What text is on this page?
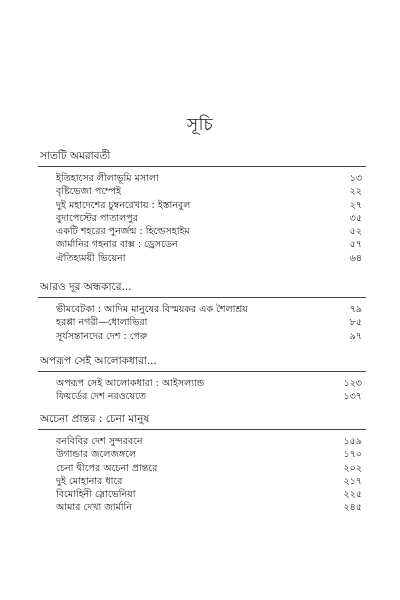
সূচি
সাতটি অমরাবতী
ইতিহাসের লীলাভূমি মসালা	১৩
বৃষ্টিভেজা পম্পেই	২২
দুই মহাদেশের চুম্বনরেখায় : ইস্তানবুল	২৭
বুদাপেস্টের পাতালপুর	৩৫
একটি শহরের পুনর্জন্ম : হিল্ডেসহাইম	৫২
জার্মানির গহনার বাক্স : ড্রেসডেন	৫৭
ঐতিহ্যময়ী ভিয়েনা	৬৪
আরও দূর অন্ধকারে...
ভীমবেটকা : আদিম মানুষের বিস্ময়কর এক শৈলাশ্রয়	৭৯
হরপ্পা নগরী—ধোলাভিরা	৮৫
সূর্যসন্তানদের দেশ : পেরু	৯৭
অপরূপ সেই আলোকধারা...
অপরূপ সেই আলোকধারা : আইসল্যান্ড	১২৩
ফিয়র্ডের দেশ নরওয়েতে	১৩৭
অচেনা প্রান্তর : চেনা মানুষ
বনবিবির দেশ সুন্দরবনে	১৫৯
উগান্ডার জলেজঙ্গলে	১৭০
চেনা দ্বীপের অচেনা প্রান্তরে	২০২
দুই মোহানার ধারে	২১৭
বিমোহিনী স্লোভেনিয়া	২২৫
আমার দেখা জার্মানি	২৪৫
